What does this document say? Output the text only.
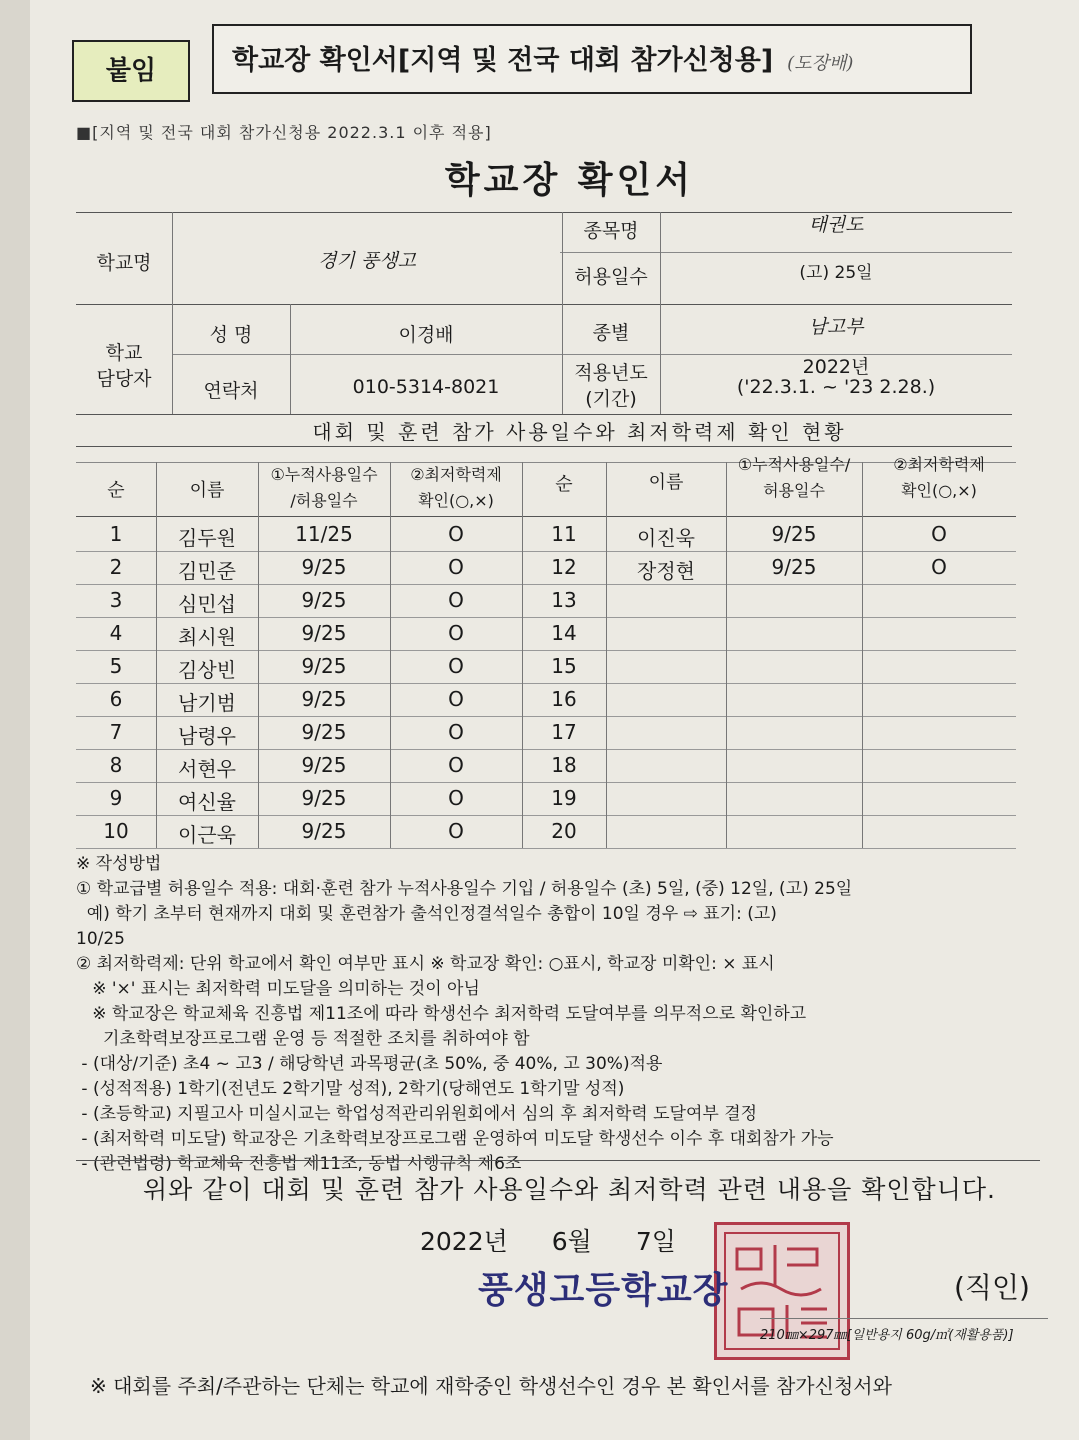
붙임	학교장 확인서[지역 및 전국 대회 참가신청용] (도장배)
■[지역 및 전국 대회 참가신청용 2022.3.1 이후 적용]
학교장 확인서
학교명	경기 풍생고
종목명	태권도
허용일수	(고) 25일
학교
담당자
성 명	이경배
연락처	010-5314-8021
종별	남고부
적용년도
(기간)
2022년
('22.3.1. ~ '23 2.28.)
대회 및 훈련 참가 사용일수와 최저학력제 확인 현황
순	이름
①누적사용일수
/허용일수
②최저학력제
확인(○,×)
순	이름
①누적사용일수/
허용일수
②최저학력제
확인(○,×)
1	김두원	11/25	O	11	이진욱	9/25	O
2	김민준	9/25	O	12	장정현	9/25	O
3	심민섭	9/25	O	13
4	최시원	9/25	O	14
5	김상빈	9/25	O	15
6	남기범	9/25	O	16
7	남령우	9/25	O	17
8	서현우	9/25	O	18
9	여신율	9/25	O	19
10	이근욱	9/25	O	20
※ 작성방법
① 학교급별 허용일수 적용: 대회·훈련 참가 누적사용일수 기입 / 허용일수 (초) 5일, (중) 12일, (고) 25일
예) 학기 초부터 현재까지 대회 및 훈련참가 출석인정결석일수 총합이 10일 경우 ⇨ 표기: (고)
10/25
② 최저학력제: 단위 학교에서 확인 여부만 표시 ※ 학교장 확인: ○표시, 학교장 미확인: × 표시
※ '×' 표시는 최저학력 미도달을 의미하는 것이 아님
※ 학교장은 학교체육 진흥법 제11조에 따라 학생선수 최저학력 도달여부를 의무적으로 확인하고
기초학력보장프로그램 운영 등 적절한 조치를 취하여야 함
- (대상/기준) 초4 ~ 고3 / 해당학년 과목평균(초 50%, 중 40%, 고 30%)적용
- (성적적용) 1학기(전년도 2학기말 성적), 2학기(당해연도 1학기말 성적)
- (초등학교) 지필고사 미실시교는 학업성적관리위원회에서 심의 후 최저학력 도달여부 결정
- (최저학력 미도달) 학교장은 기초학력보장프로그램 운영하여 미도달 학생선수 이수 후 대회참가 가능
- (관련법령) 학교체육 진흥법 제11조, 동법 시행규칙 제6조
위와 같이 대회 및 훈련 참가 사용일수와 최저학력 관련 내용을 확인합니다.
2022년 6월 7일
풍생고등학교장	(직인)
210㎜×297㎜[일반용지 60g/㎡(재활용품)]
※ 대회를 주최/주관하는 단체는 학교에 재학중인 학생선수인 경우 본 확인서를 참가신청서와
